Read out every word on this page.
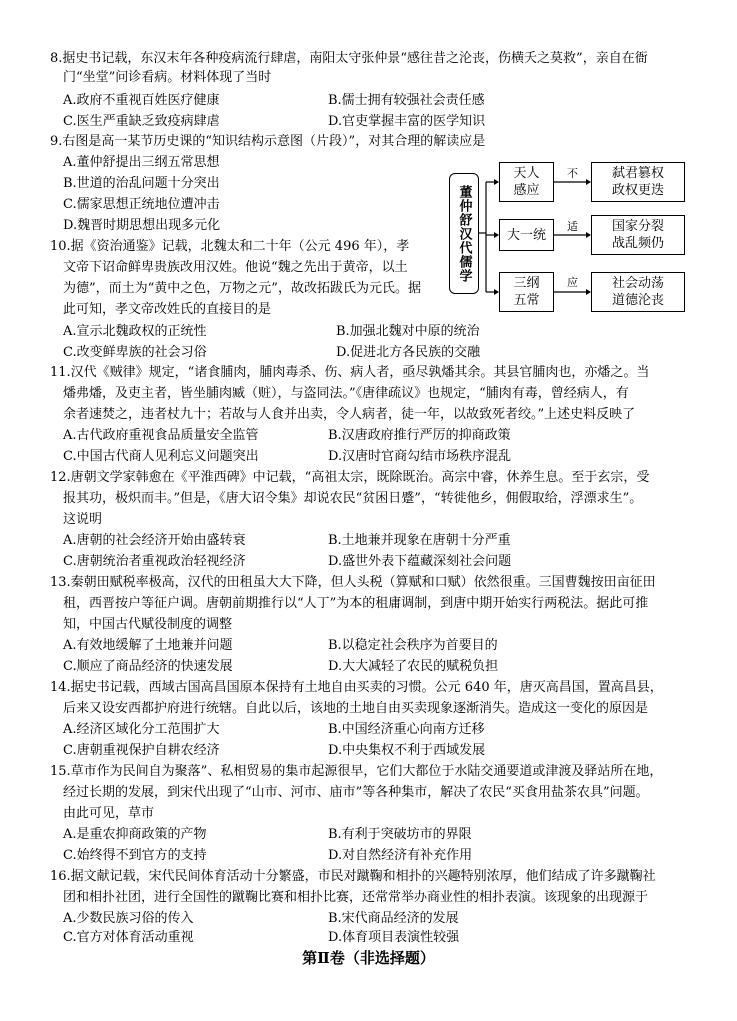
8.据史书记载，东汉末年各种疫病流行肆虐，南阳太守张仲景“感往昔之沦丧，伤横夭之莫救”，亲自在衙
门“坐堂”问诊看病。材料体现了当时
A.政府不重视百姓医疗健康	B.儒士拥有较强社会责任感
C.医生严重缺乏致疫病肆虐	D.官吏掌握丰富的医学知识
9.右图是高一某节历史课的“知识结构示意图（片段）”，对其合理的解读应是
A.董仲舒提出三纲五常思想
B.世道的治乱问题十分突出
C.儒家思想正统地位遭冲击
D.魏晋时期思想出现多元化	董仲舒汉代儒学
天人
感应
不	弑君篡权
政权更迭
大一统
适	国家分裂
战乱频仍
三纲
五常
应	社会动荡
道德沦丧
10.据《资治通鉴》记载，北魏太和二十年（公元 496 年），孝
文帝下诏命鲜卑贵族改用汉姓。他说“魏之先出于黄帝，以土
为德”，而土为“黄中之色，万物之元”，故改拓跋氏为元氏。据
此可知，孝文帝改姓氏的直接目的是
A.宣示北魏政权的正统性	B.加强北魏对中原的统治
C.改变鲜卑族的社会习俗	D.促进北方各民族的交融
11.汉代《贼律》规定，“诸食脯肉，脯肉毒杀、伤、病人者，亟尽孰燔其余。其县官脯肉也，亦燔之。当
燔弗燔，及吏主者，皆坐脯肉臧（赃），与盗同法。”《唐律疏议》也规定，“脯肉有毒，曾经病人，有
余者速焚之，违者杖九十；若故与人食并出卖，令人病者，徒一年，以故致死者绞。”上述史料反映了
A.古代政府重视食品质量安全监管	B.汉唐政府推行严厉的抑商政策
C.中国古代商人见利忘义问题突出	D.汉唐时官商勾结市场秩序混乱
12.唐朝文学家韩愈在《平淮西碑》中记载，“高祖太宗，既除既治。高宗中睿，休养生息。至于玄宗，受
报其功，极炽而丰。”但是，《唐大诏令集》却说农民“贫困日蹙”，“转徙他乡，佣假取给，浮漂求生”。
这说明
A.唐朝的社会经济开始由盛转衰	B.土地兼并现象在唐朝十分严重
C.唐朝统治者重视政治轻视经济	D.盛世外表下蕴藏深刻社会问题
13.秦朝田赋税率极高，汉代的田租虽大大下降，但人头税（算赋和口赋）依然很重。三国曹魏按田亩征田
租，西晋按户等征户调。唐朝前期推行以“人丁”为本的租庸调制，到唐中期开始实行两税法。据此可推
知，中国古代赋役制度的调整
A.有效地缓解了土地兼并问题	B.以稳定社会秩序为首要目的
C.顺应了商品经济的快速发展	D.大大减轻了农民的赋税负担
14.据史书记载，西域古国高昌国原本保持有土地自由买卖的习惯。公元 640 年，唐灭高昌国，置高昌县，
后来又设安西都护府进行统辖。自此以后，该地的土地自由买卖现象逐渐消失。造成这一变化的原因是
A.经济区域化分工范围扩大	B.中国经济重心向南方迁移
C.唐朝重视保护自耕农经济	D.中央集权不利于西域发展
15.草市作为民间自为聚落”、私相贸易的集市起源很早，它们大都位于水陆交通要道或津渡及驿站所在地，
经过长期的发展，到宋代出现了“山市、河市、庙市”等各种集市，解决了农民“买食用盐茶农具”问题。
由此可见，草市
A.是重农抑商政策的产物	B.有利于突破坊市的界限
C.始终得不到官方的支持	D.对自然经济有补充作用
16.据文献记载，宋代民间体育活动十分繁盛，市民对蹴鞠和相扑的兴趣特别浓厚，他们结成了许多蹴鞠社
团和相扑社团，进行全国性的蹴鞠比赛和相扑比赛，还常常举办商业性的相扑表演。该现象的出现源于
A.少数民族习俗的传入	B.宋代商品经济的发展
C.官方对体育活动重视	D.体育项目表演性较强
第Ⅱ卷（非选择题）
